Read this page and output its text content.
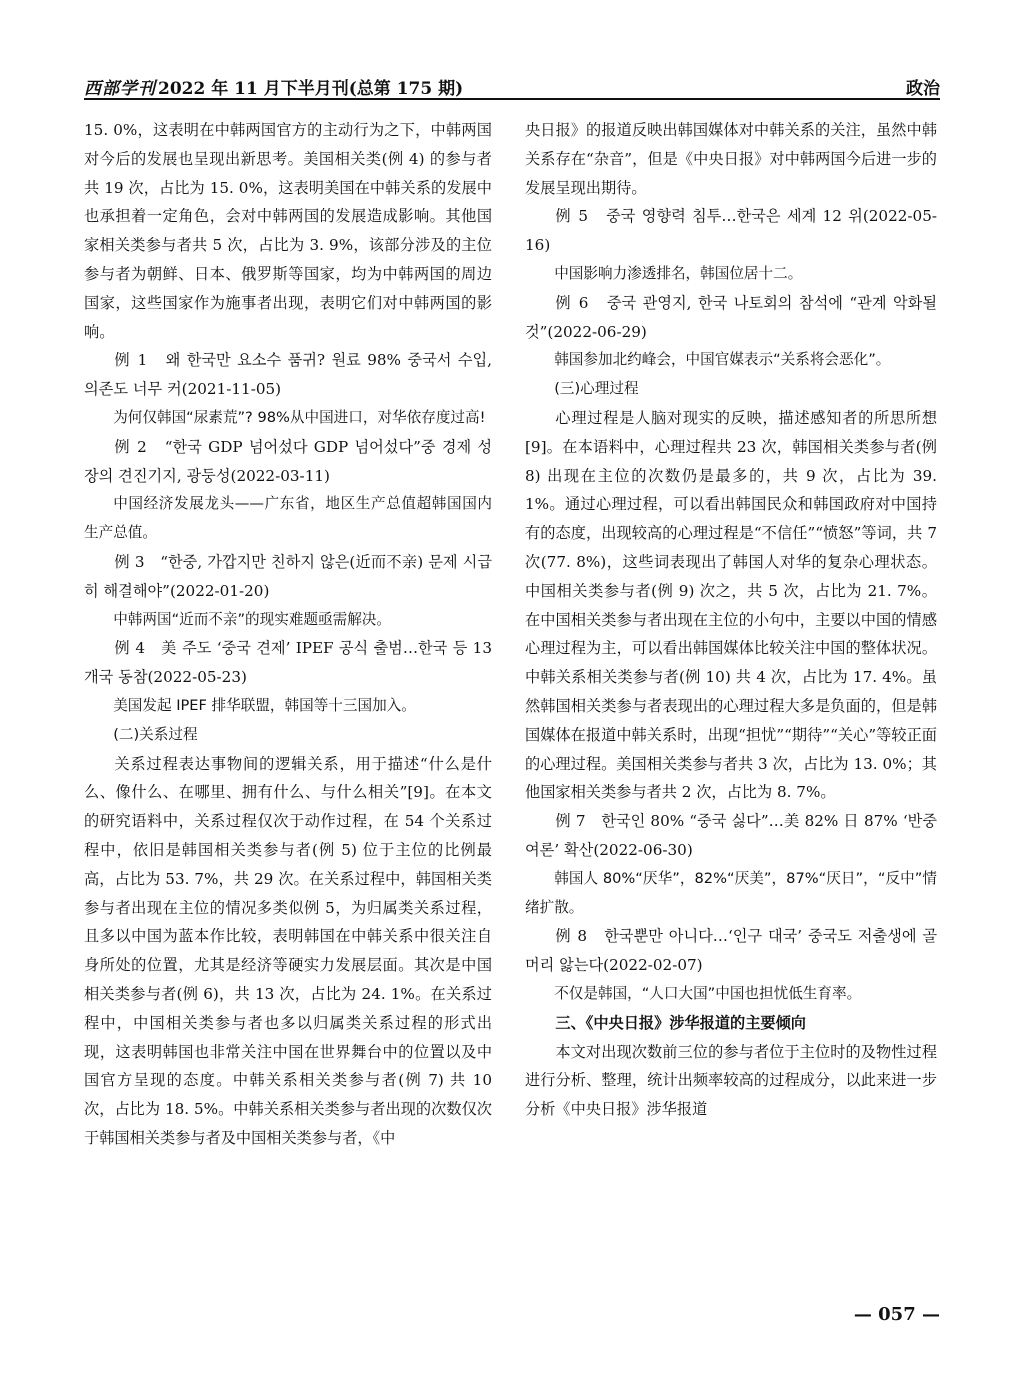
西部学刊 2022 年 11 月下半月刊(总第 175 期)	政治

15. 0%，这表明在中韩两国官方的主动行为之下，中韩两国对今后的发展也呈现出新思考。美国相关类(例 4) 的参与者共 19 次，占比为 15. 0%，这表明美国在中韩关系的发展中也承担着一定角色，会对中韩两国的发展造成影响。其他国家相关类参与者共 5 次，占比为 3. 9%，该部分涉及的主位参与者为朝鲜、日本、俄罗斯等国家，均为中韩两国的周边国家，这些国家作为施事者出现，表明它们对中韩两国的影响。

例 1　왜 한국만 요소수 품귀? 원료 98% 중국서 수입, 의존도 너무 커(2021-11-05)

为何仅韩国“尿素荒”? 98%从中国进口，对华依存度过高!

例 2　“한국 GDP 넘어섰다 GDP 넘어섰다”중 경제 성장의 견진기지, 광둥성(2022-03-11)

中国经济发展龙头——广东省，地区生产总值超韩国国内生产总值。

例 3　“한중, 가깝지만 친하지 않은(近而不亲) 문제 시급히 해결해야”(2022-01-20)

中韩两国“近而不亲”的现实难题亟需解决。

例 4　美 주도 ‘중국 견제’ IPEF 공식 출범…한국 등 13 개국 동참(2022-05-23)

美国发起 IPEF 排华联盟，韩国等十三国加入。

(二)关系过程

关系过程表达事物间的逻辑关系，用于描述“什么是什么、像什么、在哪里、拥有什么、与什么相关”[9]。在本文的研究语料中，关系过程仅次于动作过程，在 54 个关系过程中，依旧是韩国相关类参与者(例 5) 位于主位的比例最高，占比为 53. 7%，共 29 次。在关系过程中，韩国相关类参与者出现在主位的情况多类似例 5，为归属类关系过程，且多以中国为蓝本作比较，表明韩国在中韩关系中很关注自身所处的位置，尤其是经济等硬实力发展层面。其次是中国相关类参与者(例 6)，共 13 次，占比为 24. 1%。在关系过程中，中国相关类参与者也多以归属类关系过程的形式出现，这表明韩国也非常关注中国在世界舞台中的位置以及中国官方呈现的态度。中韩关系相关类参与者(例 7) 共 10 次，占比为 18. 5%。中韩关系相关类参与者出现的次数仅次于韩国相关类参与者及中国相关类参与者，《中

央日报》的报道反映出韩国媒体对中韩关系的关注，虽然中韩关系存在“杂音”，但是《中央日报》对中韩两国今后进一步的发展呈现出期待。

例 5　중국 영향력 침투…한국은 세계 12 위(2022-05-16)

中国影响力渗透排名，韩国位居十二。

例 6　중국 관영지, 한국 나토회의 참석에 “관계 악화될 것”(2022-06-29)

韩国参加北约峰会，中国官媒表示“关系将会恶化”。

(三)心理过程

心理过程是人脑对现实的反映，描述感知者的所思所想[9]。在本语料中，心理过程共 23 次，韩国相关类参与者(例 8) 出现在主位的次数仍是最多的，共 9 次，占比为 39. 1%。通过心理过程，可以看出韩国民众和韩国政府对中国持有的态度，出现较高的心理过程是“不信任”“愤怒”等词，共 7 次(77. 8%)，这些词表现出了韩国人对华的复杂心理状态。中国相关类参与者(例 9) 次之，共 5 次，占比为 21. 7%。在中国相关类参与者出现在主位的小句中，主要以中国的情感心理过程为主，可以看出韩国媒体比较关注中国的整体状况。中韩关系相关类参与者(例 10) 共 4 次，占比为 17. 4%。虽然韩国相关类参与者表现出的心理过程大多是负面的，但是韩国媒体在报道中韩关系时，出现“担忧”“期待”“关心”等较正面的心理过程。美国相关类参与者共 3 次，占比为 13. 0%；其他国家相关类参与者共 2 次，占比为 8. 7%。

例 7　한국인 80% “중국 싫다”…美 82% 日 87% ‘반중여론’ 확산(2022-06-30)

韩国人 80%“厌华”，82%“厌美”，87%“厌日”，“反中”情绪扩散。

例 8　한국뿐만 아니다…‘인구 대국’ 중국도 저출생에 골머리 앓는다(2022-02-07)

不仅是韩国，“人口大国”中国也担忧低生育率。

三、《中央日报》涉华报道的主要倾向

本文对出现次数前三位的参与者位于主位时的及物性过程进行分析、整理，统计出频率较高的过程成分，以此来进一步分析《中央日报》涉华报道

— 057 —
